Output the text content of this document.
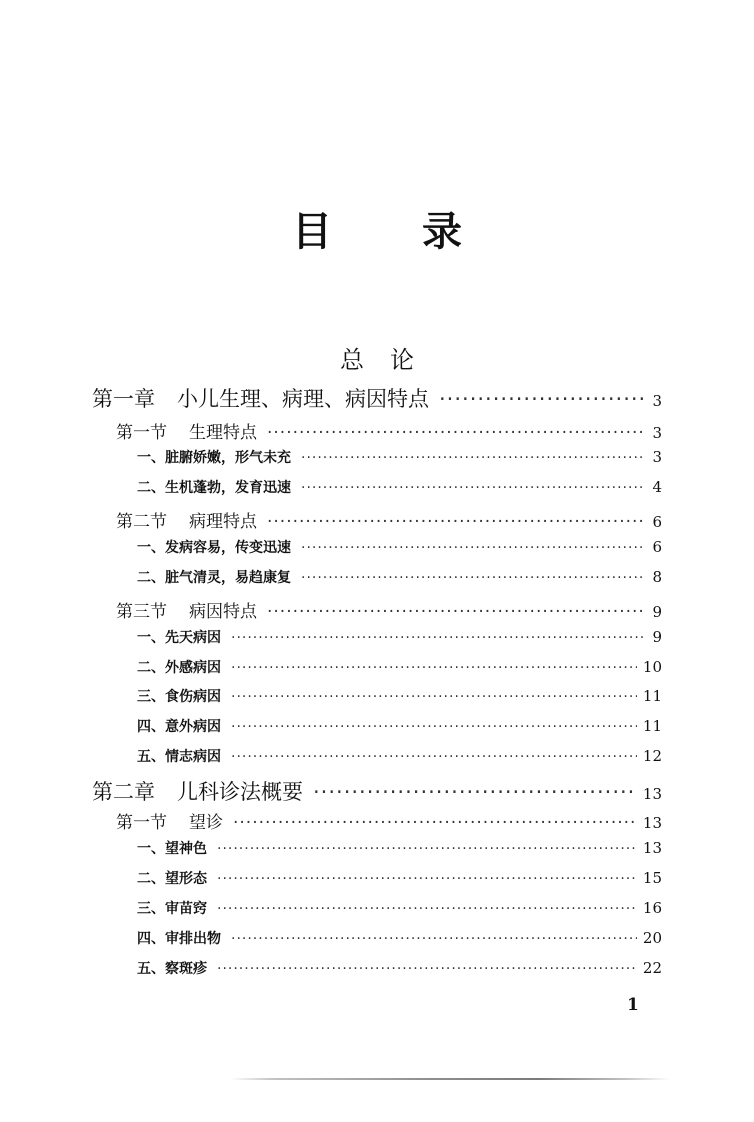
目 录
总 论
第一章 小儿生理、病理、病因特点 ·····	3
第一节 生理特点 ·····	3
一、脏腑娇嫩，形气未充 ·····	3
二、生机蓬勃，发育迅速 ·····	4
第二节 病理特点 ·····	6
一、发病容易，传变迅速 ·····	6
二、脏气清灵，易趋康复 ·····	8
第三节 病因特点 ·····	9
一、先天病因 ·····	9
二、外感病因 ·····	10
三、食伤病因 ·····	11
四、意外病因 ·····	11
五、情志病因 ·····	12
第二章 儿科诊法概要 ·····	13
第一节 望诊 ·····	13
一、望神色 ·····	13
二、望形态 ·····	15
三、审苗窍 ·····	16
四、审排出物 ·····	20
五、察斑疹 ·····	22
1
